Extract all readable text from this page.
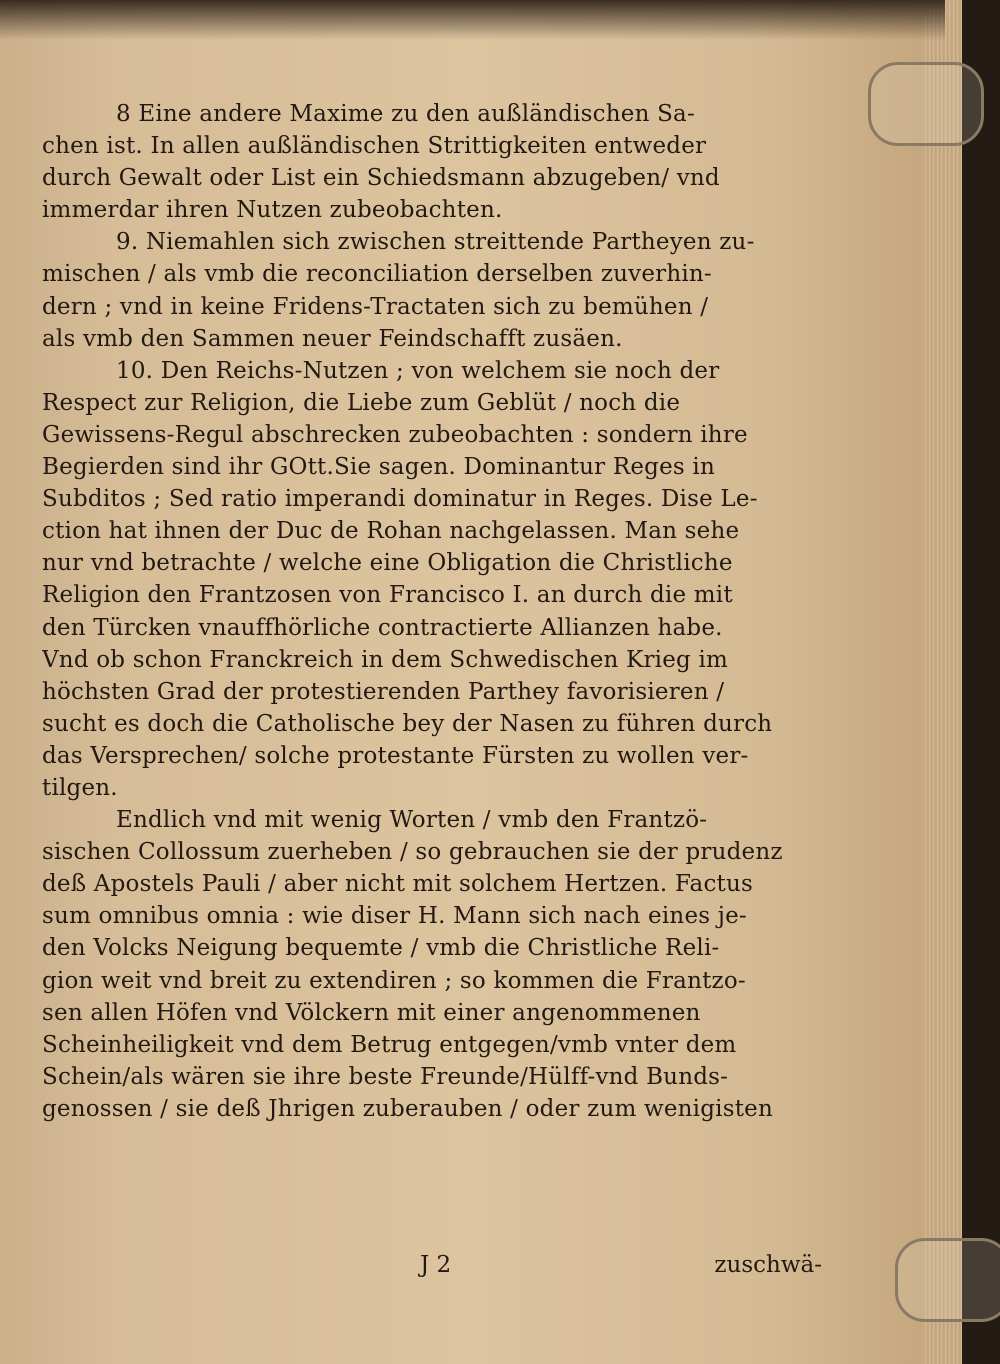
8 Eine andere Maxime zu den außländischen Sa-
chen ist. In allen außländischen Strittigkeiten entweder
durch Gewalt oder List ein Schiedsmann abzugeben/ vnd
immerdar ihren Nutzen zubeobachten.
9. Niemahlen sich zwischen streittende Partheyen zu-
mischen / als vmb die reconciliation derselben zuverhin-
dern ; vnd in keine Fridens-Tractaten sich zu bemühen /
als vmb den Sammen neuer Feindschafft zusäen.
10. Den Reichs-Nutzen ; von welchem sie noch der
Respect zur Religion, die Liebe zum Geblüt / noch die
Gewissens-Regul abschrecken zubeobachten : sondern ihre
Begierden sind ihr GOtt.Sie sagen. Dominantur Reges in
Subditos ; Sed ratio imperandi dominatur in Reges. Dise Le-
ction hat ihnen der Duc de Rohan nachgelassen. Man sehe
nur vnd betrachte / welche eine Obligation die Christliche
Religion den Frantzosen von Francisco I. an durch die mit
den Türcken vnauffhörliche contractierte Allianzen habe.
Vnd ob schon Franckreich in dem Schwedischen Krieg im
höchsten Grad der protestierenden Parthey favorisieren /
sucht es doch die Catholische bey der Nasen zu führen durch
das Versprechen/ solche protestante Fürsten zu wollen ver-
tilgen.
Endlich vnd mit wenig Worten / vmb den Frantzö-
sischen Collossum zuerheben / so gebrauchen sie der prudenz
deß Apostels Pauli / aber nicht mit solchem Hertzen. Factus
sum omnibus omnia : wie diser H. Mann sich nach eines je-
den Volcks Neigung bequemte / vmb die Christliche Reli-
gion weit vnd breit zu extendiren ; so kommen die Frantzo-
sen allen Höfen vnd Völckern mit einer angenommenen
Scheinheiligkeit vnd dem Betrug entgegen/vmb vnter dem
Schein/als wären sie ihre beste Freunde/Hülff-vnd Bunds-
genossen / sie deß Jhrigen zuberauben / oder zum wenigisten
J 2	zuschwä-
